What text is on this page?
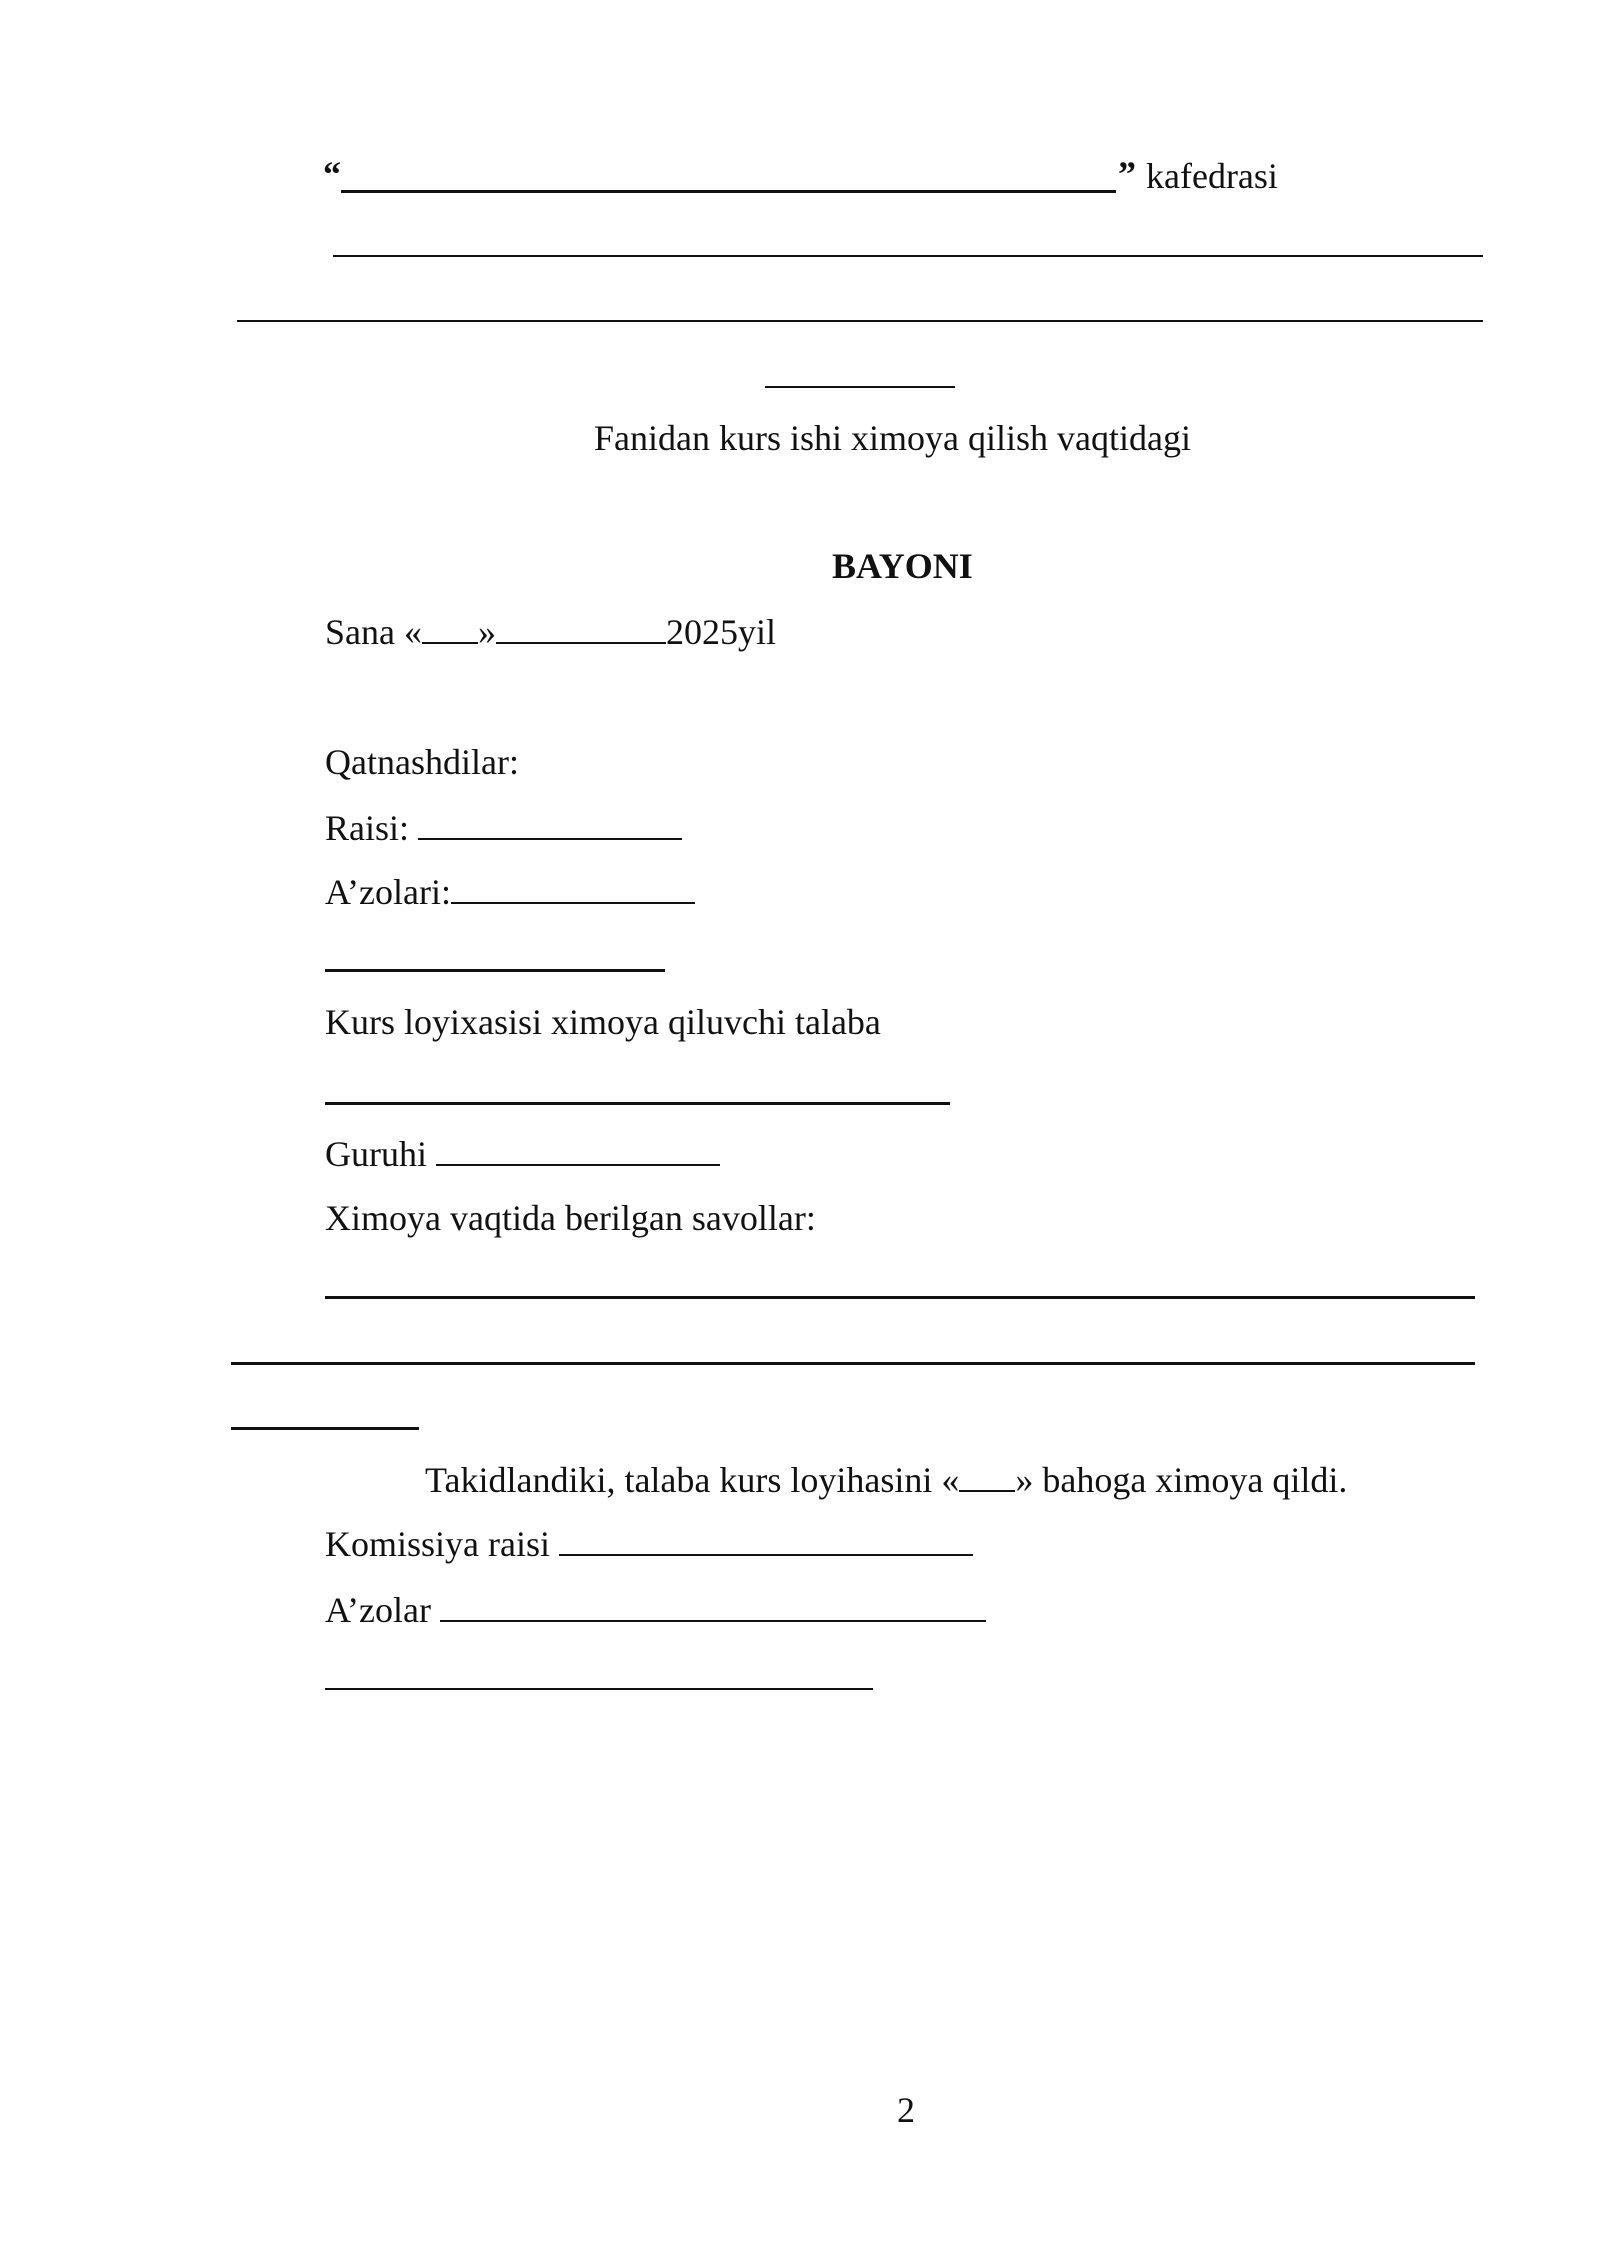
“	” kafedrasi
Fanidan kurs ishi ximoya qilish vaqtidagi
BAYONI
Sana « »	2025yil
Qatnashdilar:
Raisi:
A’zolari:
Kurs loyixasisi ximoya qiluvchi talaba
Guruhi
Ximoya vaqtida berilgan savollar:
Takidlandiki, talaba kurs loyihasini « » bahoga ximoya qildi.
Komissiya raisi
A’zolar
2
